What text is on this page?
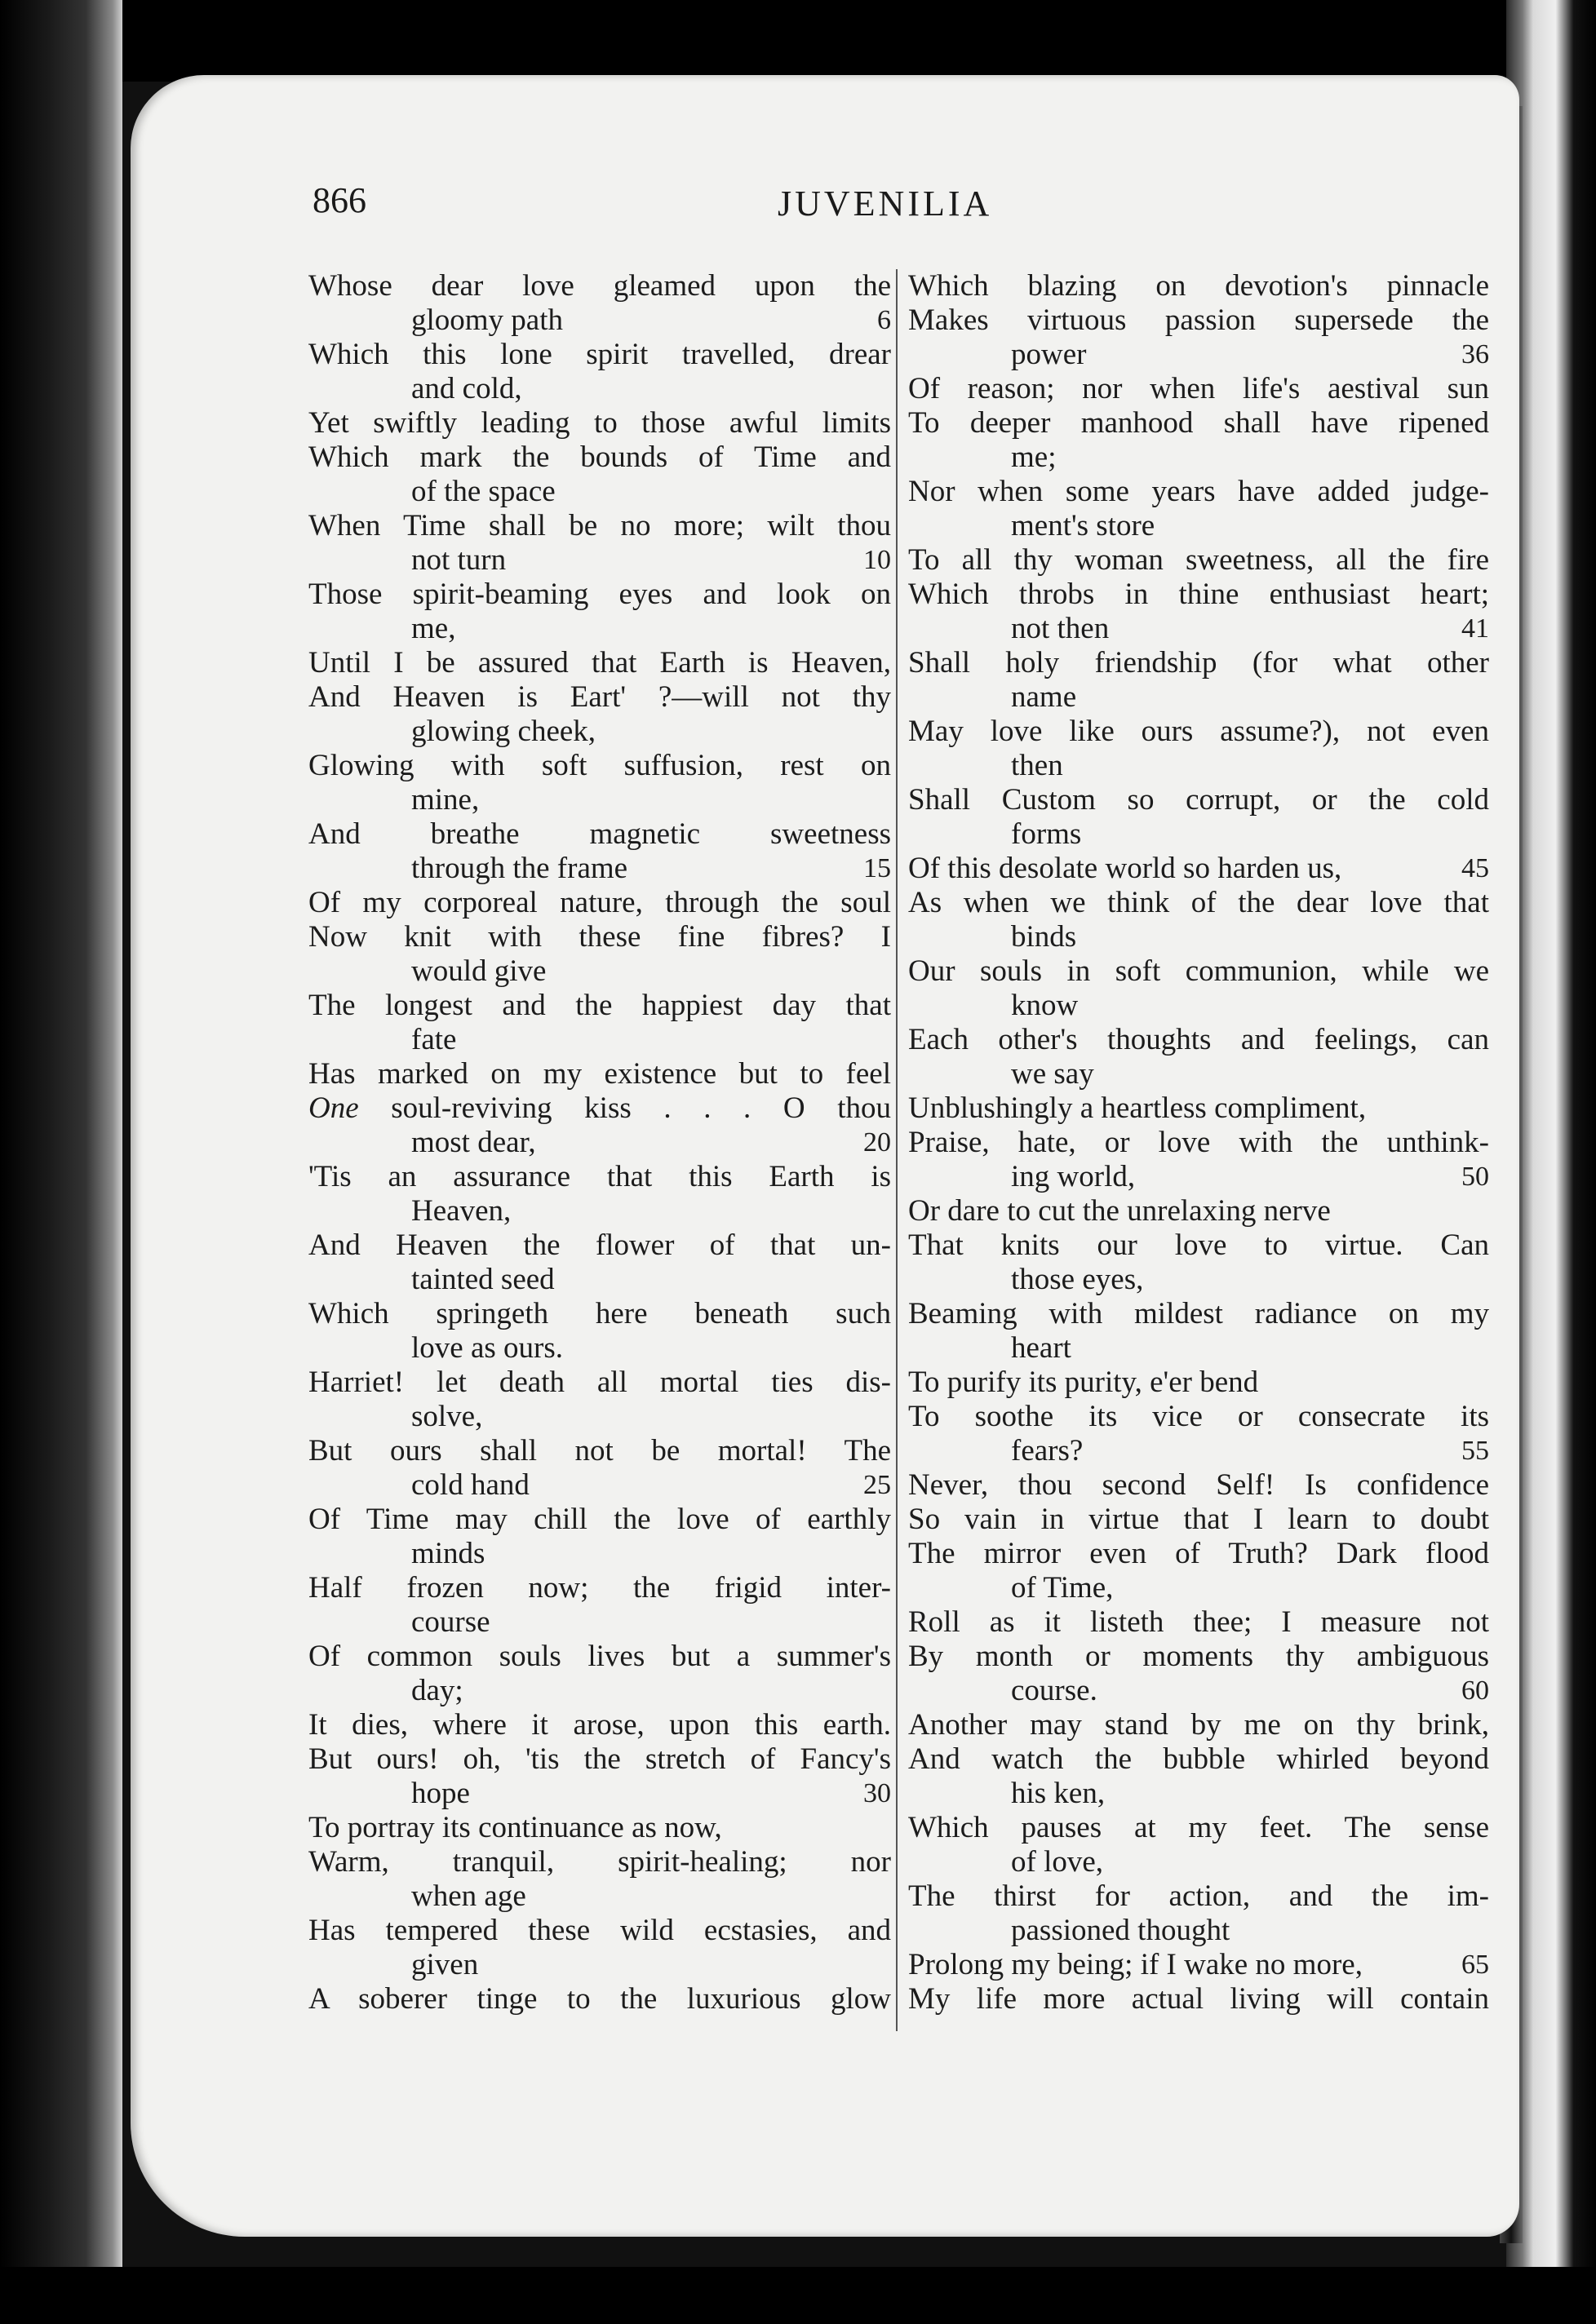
866	JUVENILIA
Whose dear love gleamed upon the
gloomy path	6
Which this lone spirit travelled, drear
and cold,
Yet swiftly leading to those awful limits
Which mark the bounds of Time and
of the space
When Time shall be no more; wilt thou
not turn	10
Those spirit-beaming eyes and look on
me,
Until I be assured that Earth is Heaven,
And Heaven is Eart' ?—will not thy
glowing cheek,
Glowing with soft suffusion, rest on
mine,
And breathe magnetic sweetness
through the frame	15
Of my corporeal nature, through the soul
Now knit with these fine fibres? I
would give
The longest and the happiest day that
fate
Has marked on my existence but to feel
One soul-reviving kiss . . . O thou
most dear,	20
'Tis an assurance that this Earth is
Heaven,
And Heaven the flower of that un-
tainted seed
Which springeth here beneath such
love as ours.
Harriet! let death all mortal ties dis-
solve,
But ours shall not be mortal! The
cold hand	25
Of Time may chill the love of earthly
minds
Half frozen now; the frigid inter-
course
Of common souls lives but a summer's
day;
It dies, where it arose, upon this earth.
But ours! oh, 'tis the stretch of Fancy's
hope	30
To portray its continuance as now,
Warm, tranquil, spirit-healing; nor
when age
Has tempered these wild ecstasies, and
given
A soberer tinge to the luxurious glow
Which blazing on devotion's pinnacle
Makes virtuous passion supersede the
power	36
Of reason; nor when life's aestival sun
To deeper manhood shall have ripened
me;
Nor when some years have added judge-
ment's store
To all thy woman sweetness, all the fire
Which throbs in thine enthusiast heart;
not then	41
Shall holy friendship (for what other
name
May love like ours assume?), not even
then
Shall Custom so corrupt, or the cold
forms
Of this desolate world so harden us,	45
As when we think of the dear love that
binds
Our souls in soft communion, while we
know
Each other's thoughts and feelings, can
we say
Unblushingly a heartless compliment,
Praise, hate, or love with the unthink-
ing world,	50
Or dare to cut the unrelaxing nerve
That knits our love to virtue. Can
those eyes,
Beaming with mildest radiance on my
heart
To purify its purity, e'er bend
To soothe its vice or consecrate its
fears?	55
Never, thou second Self! Is confidence
So vain in virtue that I learn to doubt
The mirror even of Truth? Dark flood
of Time,
Roll as it listeth thee; I measure not
By month or moments thy ambiguous
course.	60
Another may stand by me on thy brink,
And watch the bubble whirled beyond
his ken,
Which pauses at my feet. The sense
of love,
The thirst for action, and the im-
passioned thought
Prolong my being; if I wake no more,	65
My life more actual living will contain
